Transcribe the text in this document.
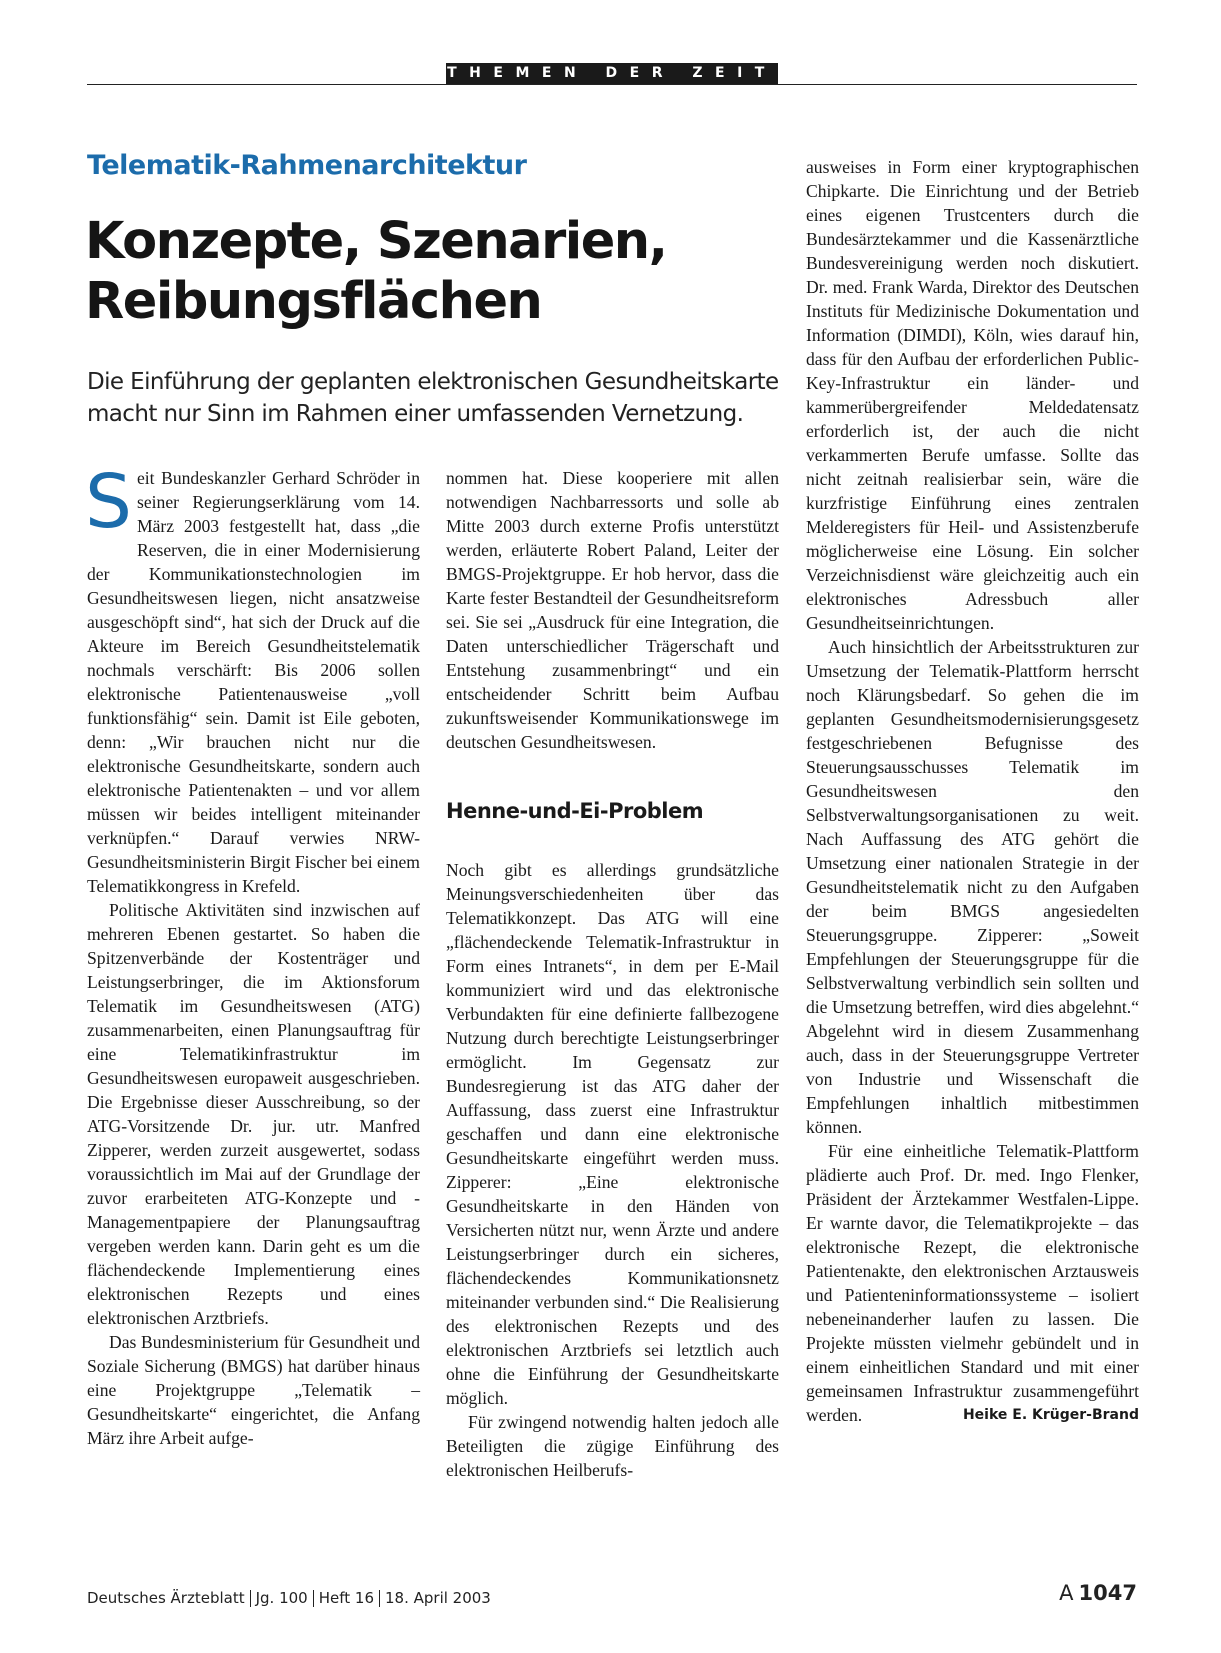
THEMEN DER ZEIT
Telematik-Rahmenarchitektur
Konzepte, Szenarien,
Reibungsflächen
Die Einführung der geplanten elektronischen Gesundheitskarte
macht nur Sinn im Rahmen einer umfassenden Vernetzung.
S eit Bundeskanzler Gerhard Schröder in seiner Regierungserklärung vom 14. März 2003 festgestellt hat, dass „die Reserven, die in einer Modernisierung der Kommunikationstechnologien im Gesundheitswesen liegen, nicht ansatzweise ausgeschöpft sind“, hat sich der Druck auf die Akteure im Bereich Gesundheitstelematik nochmals verschärft: Bis 2006 sollen elektronische Patientenausweise „voll funktionsfähig“ sein. Damit ist Eile geboten, denn: „Wir brauchen nicht nur die elektronische Gesundheitskarte, sondern auch elektronische Patientenakten – und vor allem müssen wir beides intelligent miteinander verknüpfen.“ Darauf verwies NRW-Gesundheitsministerin Birgit Fischer bei einem Telematikkongress in Krefeld.

Politische Aktivitäten sind inzwischen auf mehreren Ebenen gestartet. So haben die Spitzenverbände der Kostenträger und Leistungserbringer, die im Aktionsforum Telematik im Gesundheitswesen (ATG) zusammenarbeiten, einen Planungsauftrag für eine Telematikinfrastruktur im Gesundheitswesen europaweit ausgeschrieben. Die Ergebnisse dieser Ausschreibung, so der ATG-Vorsitzende Dr. jur. utr. Manfred Zipperer, werden zurzeit ausgewertet, sodass voraussichtlich im Mai auf der Grundlage der zuvor erarbeiteten ATG-Konzepte und -Managementpapiere der Planungsauftrag vergeben werden kann. Darin geht es um die flächendeckende Implementierung eines elektronischen Rezepts und eines elektronischen Arztbriefs.

Das Bundesministerium für Gesundheit und Soziale Sicherung (BMGS) hat darüber hinaus eine Projektgruppe „Telematik – Gesundheitskarte“ eingerichtet, die Anfang März ihre Arbeit aufge-

nommen hat. Diese kooperiere mit allen notwendigen Nachbarressorts und solle ab Mitte 2003 durch externe Profis unterstützt werden, erläuterte Robert Paland, Leiter der BMGS-Projektgruppe. Er hob hervor, dass die Karte fester Bestandteil der Gesundheitsreform sei. Sie sei „Ausdruck für eine Integration, die Daten unterschiedlicher Trägerschaft und Entstehung zusammenbringt“ und ein entscheidender Schritt beim Aufbau zukunftsweisender Kommunikationswege im deutschen Gesundheitswesen.

Henne-und-Ei-Problem

Noch gibt es allerdings grundsätzliche Meinungsverschiedenheiten über das Telematikkonzept. Das ATG will eine „flächendeckende Telematik-Infrastruktur in Form eines Intranets“, in dem per E-Mail kommuniziert wird und das elektronische Verbundakten für eine definierte fallbezogene Nutzung durch berechtigte Leistungserbringer ermöglicht. Im Gegensatz zur Bundesregierung ist das ATG daher der Auffassung, dass zuerst eine Infrastruktur geschaffen und dann eine elektronische Gesundheitskarte eingeführt werden muss. Zipperer: „Eine elektronische Gesundheitskarte in den Händen von Versicherten nützt nur, wenn Ärzte und andere Leistungserbringer durch ein sicheres, flächendeckendes Kommunikationsnetz miteinander verbunden sind.“ Die Realisierung des elektronischen Rezepts und des elektronischen Arztbriefs sei letztlich auch ohne die Einführung der Gesundheitskarte möglich.

Für zwingend notwendig halten jedoch alle Beteiligten die zügige Einführung des elektronischen Heilberufs-

ausweises in Form einer kryptographischen Chipkarte. Die Einrichtung und der Betrieb eines eigenen Trustcenters durch die Bundesärztekammer und die Kassenärztliche Bundesvereinigung werden noch diskutiert. Dr. med. Frank Warda, Direktor des Deutschen Instituts für Medizinische Dokumentation und Information (DIMDI), Köln, wies darauf hin, dass für den Aufbau der erforderlichen Public-Key-Infrastruktur ein länder- und kammerübergreifender Meldedatensatz erforderlich ist, der auch die nicht verkammerten Berufe umfasse. Sollte das nicht zeitnah realisierbar sein, wäre die kurzfristige Einführung eines zentralen Melderegisters für Heil- und Assistenzberufe möglicherweise eine Lösung. Ein solcher Verzeichnisdienst wäre gleichzeitig auch ein elektronisches Adressbuch aller Gesundheitseinrichtungen.

Auch hinsichtlich der Arbeitsstrukturen zur Umsetzung der Telematik-Plattform herrscht noch Klärungsbedarf. So gehen die im geplanten Gesundheitsmodernisierungsgesetz festgeschriebenen Befugnisse des Steuerungsausschusses Telematik im Gesundheitswesen den Selbstverwaltungsorganisationen zu weit. Nach Auffassung des ATG gehört die Umsetzung einer nationalen Strategie in der Gesundheitstelematik nicht zu den Aufgaben der beim BMGS angesiedelten Steuerungsgruppe. Zipperer: „Soweit Empfehlungen der Steuerungsgruppe für die Selbstverwaltung verbindlich sein sollten und die Umsetzung betreffen, wird dies abgelehnt.“ Abgelehnt wird in diesem Zusammenhang auch, dass in der Steuerungsgruppe Vertreter von Industrie und Wissenschaft die Empfehlungen inhaltlich mitbestimmen können.

Für eine einheitliche Telematik-Plattform plädierte auch Prof. Dr. med. Ingo Flenker, Präsident der Ärztekammer Westfalen-Lippe. Er warnte davor, die Telematikprojekte – das elektronische Rezept, die elektronische Patientenakte, den elektronischen Arztausweis und Patienteninformationssysteme – isoliert nebeneinanderher laufen zu lassen. Die Projekte müssten vielmehr gebündelt und in einem einheitlichen Standard und mit einer gemeinsamen Infrastruktur zusammengeführt werden.	Heike E. Krüger-Brand

Deutsches Ärzteblatt Jg. 100 Heft 16 18. April 2003	A 1047
